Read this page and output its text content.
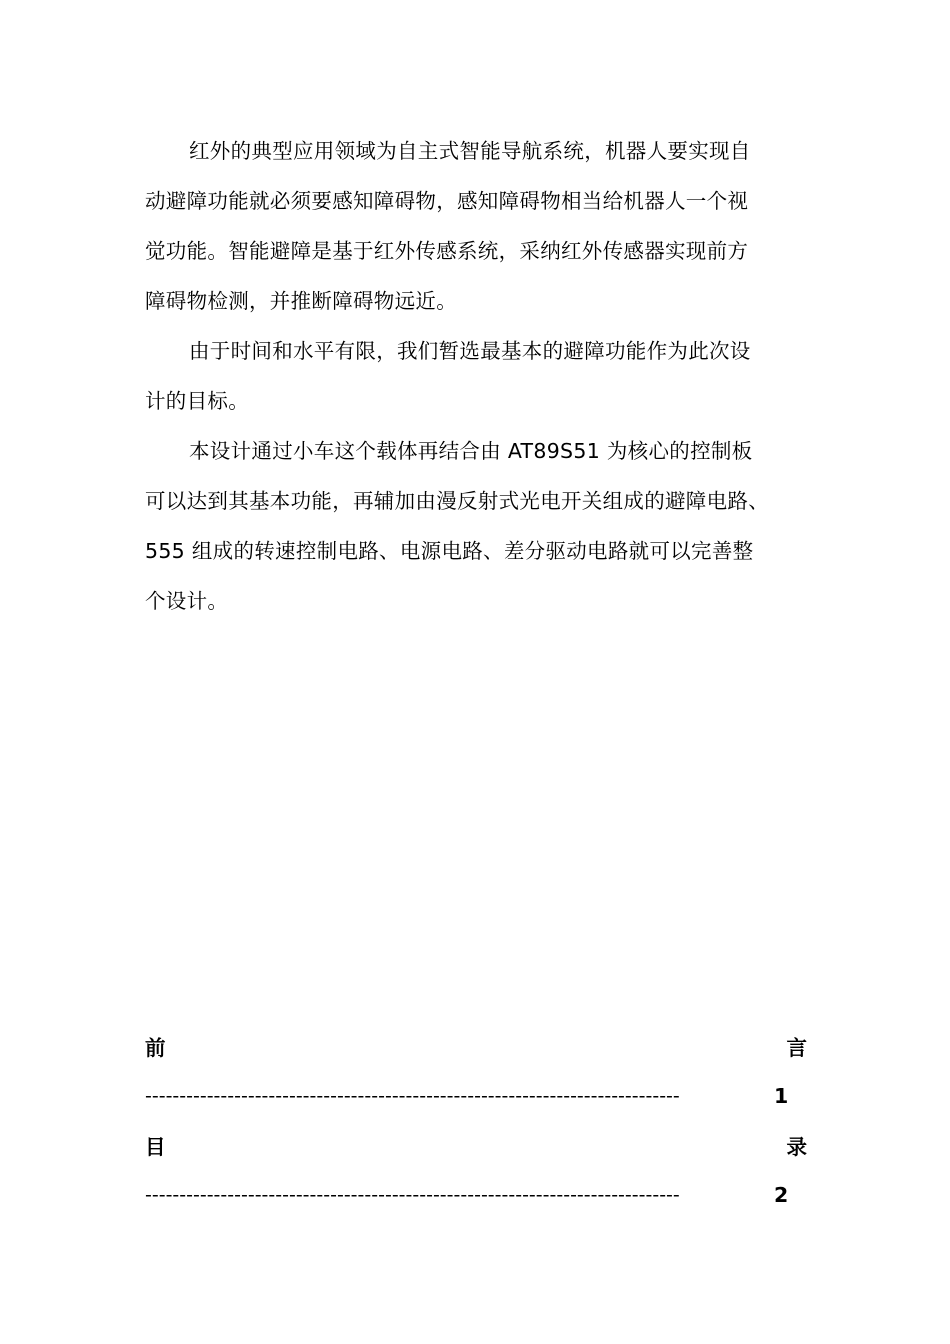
红外的典型应用领域为自主式智能导航系统，机器人要实现自
动避障功能就必须要感知障碍物，感知障碍物相当给机器人一个视
觉功能。智能避障是基于红外传感系统，采纳红外传感器实现前方
障碍物检测，并推断障碍物远近。
由于时间和水平有限，我们暂选最基本的避障功能作为此次设
计的目标。
本设计通过小车这个载体再结合由 AT89S51 为核心的控制板
可以达到其基本功能，再辅加由漫反射式光电开关组成的避障电路、
555 组成的转速控制电路、电源电路、差分驱动电路就可以完善整
个设计。
前	言
------------------------------------------------------------------------------	1
目	录
------------------------------------------------------------------------------	2
